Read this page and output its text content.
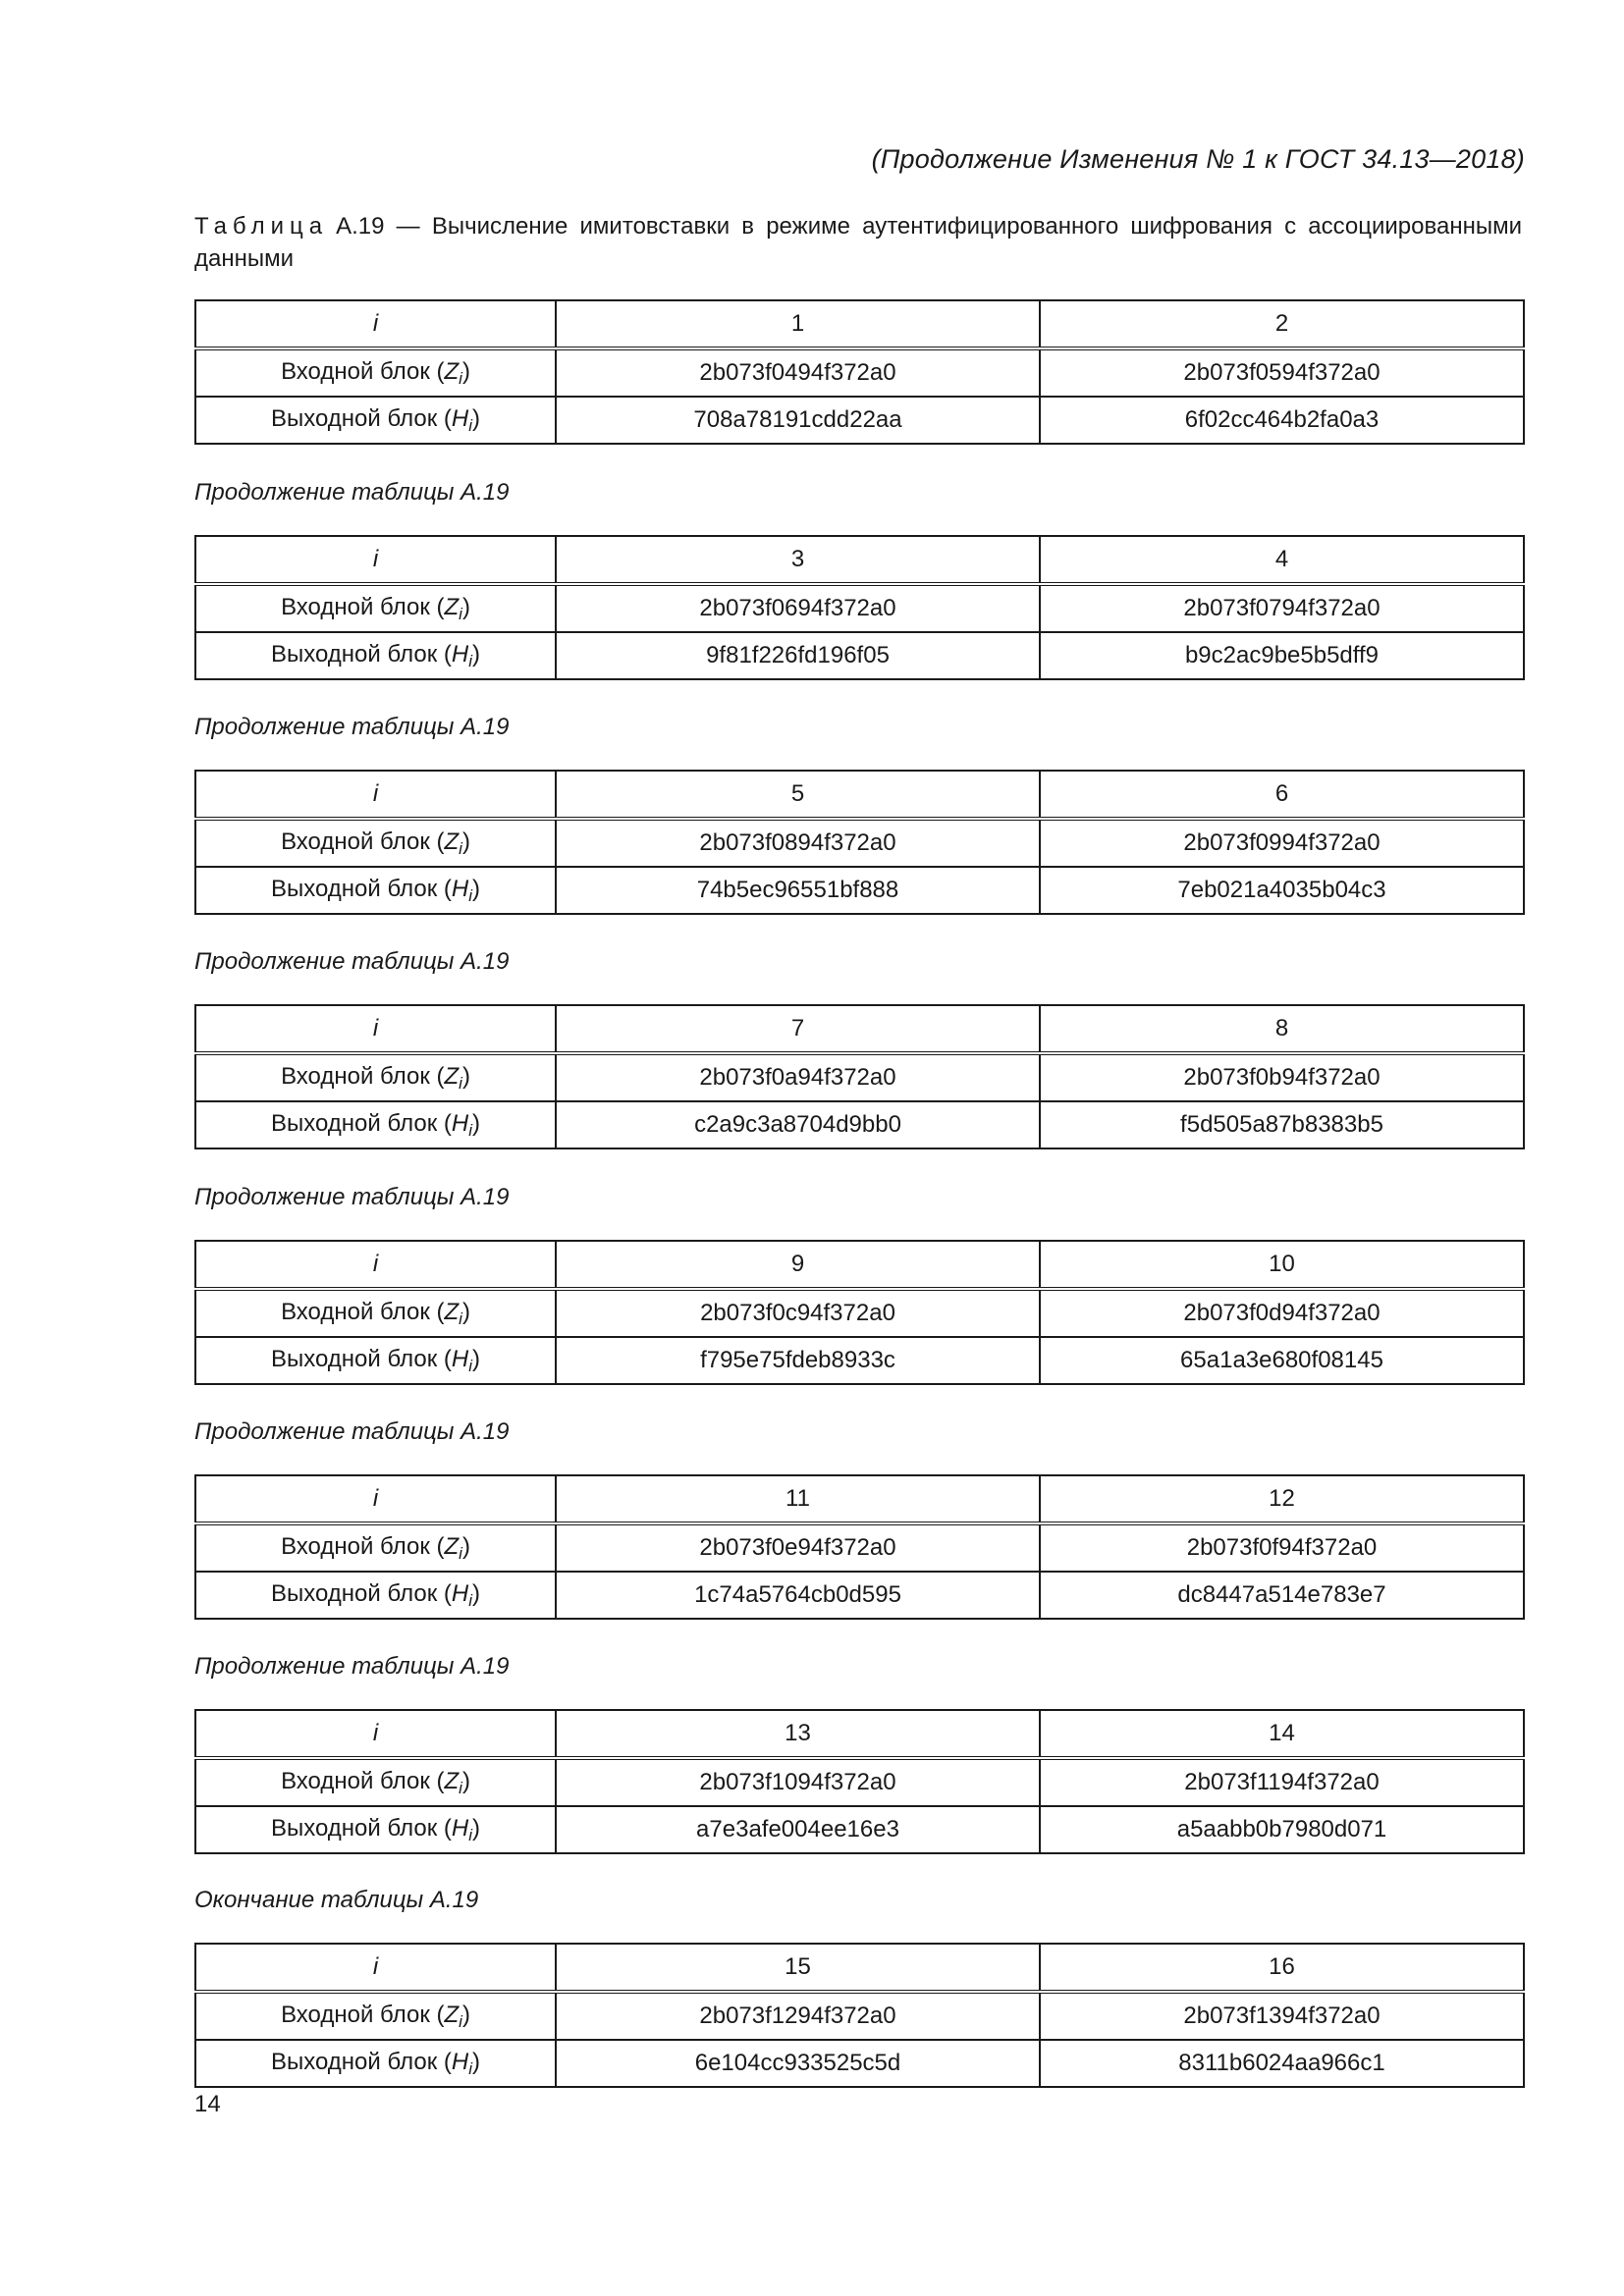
(Продолжение Изменения № 1 к ГОСТ 34.13—2018)
Таблица А.19 — Вычисление имитовставки в режиме аутентифицированного шифрования с ассоциированными данными
i	1	2
Входной блок $(Z_i)$	2b073f0494f372a0	2b073f0594f372a0
Выходной блок $(H_i)$	708a78191cdd22aa	6f02cc464b2fa0a3
Продолжение таблицы А.19
i	3	4
Входной блок $(Z_i)$	2b073f0694f372a0	2b073f0794f372a0
Выходной блок $(H_i)$	9f81f226fd196f05	b9c2ac9be5b5dff9
Продолжение таблицы А.19
i	5	6
Входной блок $(Z_i)$	2b073f0894f372a0	2b073f0994f372a0
Выходной блок $(H_i)$	74b5ec96551bf888	7eb021a4035b04c3
Продолжение таблицы А.19
i	7	8
Входной блок $(Z_i)$	2b073f0a94f372a0	2b073f0b94f372a0
Выходной блок $(H_i)$	c2a9c3a8704d9bb0	f5d505a87b8383b5
Продолжение таблицы А.19
i	9	10
Входной блок $(Z_i)$	2b073f0c94f372a0	2b073f0d94f372a0
Выходной блок $(H_i)$	f795e75fdeb8933c	65a1a3e680f08145
Продолжение таблицы А.19
i	11	12
Входной блок $(Z_i)$	2b073f0e94f372a0	2b073f0f94f372a0
Выходной блок $(H_i)$	1c74a5764cb0d595	dc8447a514e783e7
Продолжение таблицы А.19
i	13	14
Входной блок $(Z_i)$	2b073f1094f372a0	2b073f1194f372a0
Выходной блок $(H_i)$	a7e3afe004ee16e3	a5aabb0b7980d071
Окончание таблицы А.19
i	15	16
Входной блок $(Z_i)$	2b073f1294f372a0	2b073f1394f372a0
Выходной блок $(H_i)$	6e104cc933525c5d	8311b6024aa966c1
14
